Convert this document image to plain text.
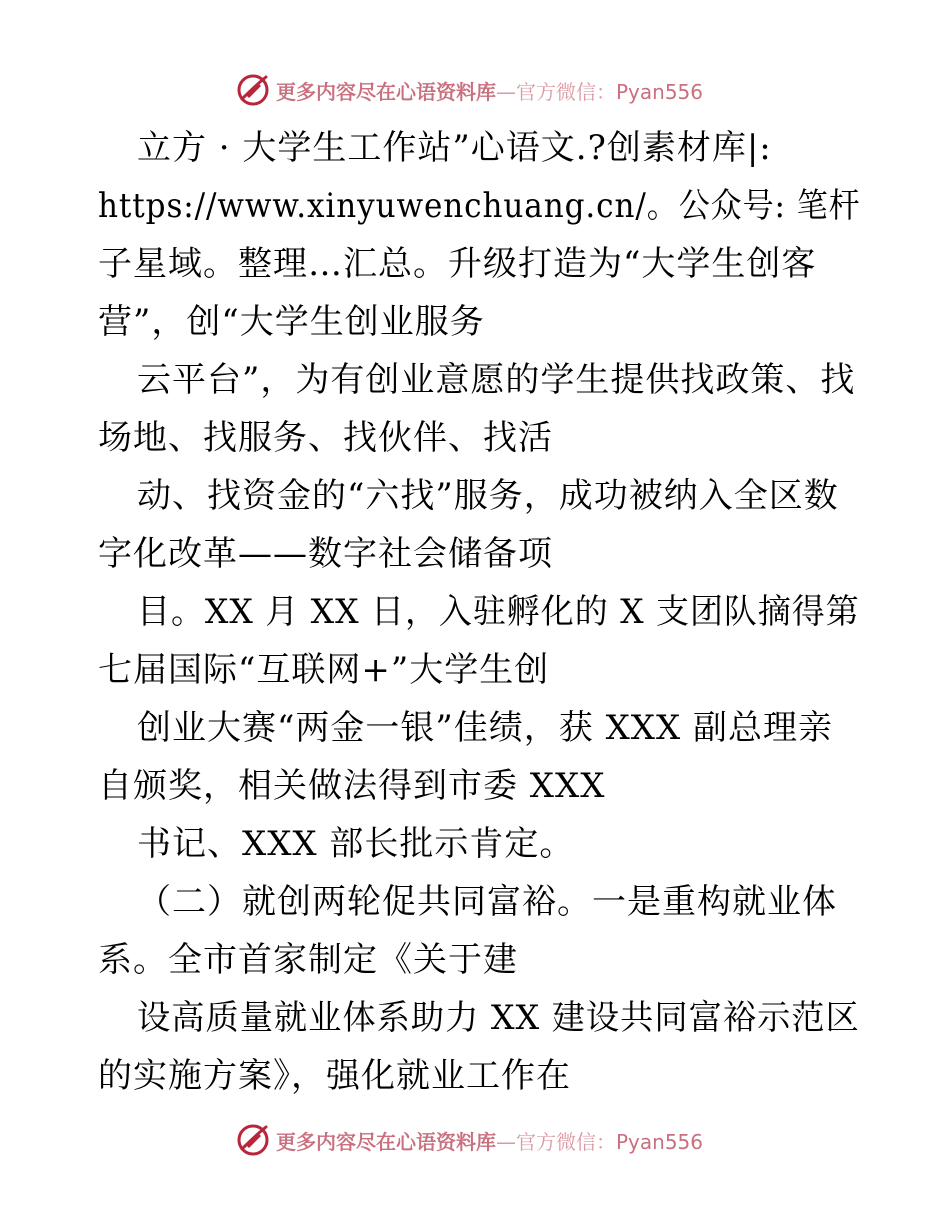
更多内容尽在心语资料库—官方微信：Pyan556
立方 · 大学生工作站”心语文.?创素材库|:
https://www.xinyuwenchuang.cn/。公众号: 笔杆
子星域。整理…汇总。升级打造为“大学生创客
营”，创“大学生创业服务
云平台”，为有创业意愿的学生提供找政策、找
场地、找服务、找伙伴、找活
动、找资金的“六找”服务，成功被纳入全区数
字化改革——数字社会储备项
目。XX 月 XX 日，入驻孵化的 X 支团队摘得第
七届国际“互联网+”大学生创
创业大赛“两金一银”佳绩，获 XXX 副总理亲
自颁奖，相关做法得到市委 XXX
书记、XXX 部长批示肯定。
（二）就创两轮促共同富裕。一是重构就业体
系。全市首家制定《关于建
设高质量就业体系助力 XX 建设共同富裕示范区
的实施方案》，强化就业工作在
更多内容尽在心语资料库—官方微信：Pyan556
